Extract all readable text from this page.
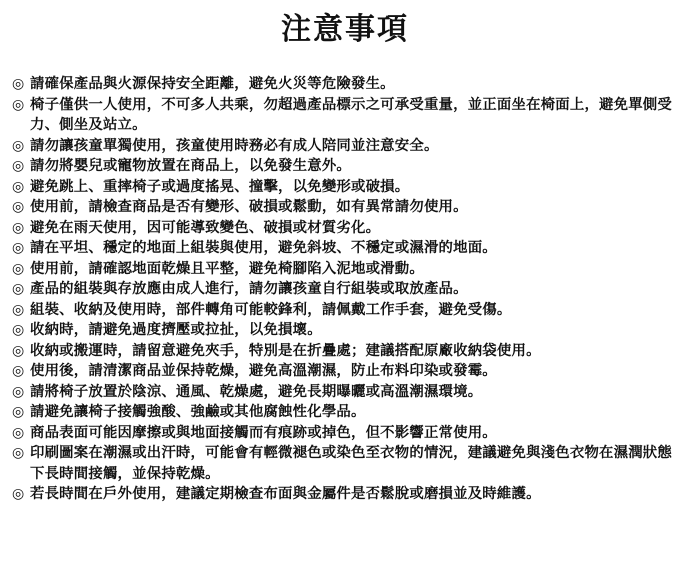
注意事項
◎ 請確保產品與火源保持安全距離，避免火災等危險發生。
◎ 椅子僅供一人使用，不可多人共乘，勿超過產品標示之可承受重量，並正面坐在椅面上，避免單側受力、側坐及站立。
◎ 請勿讓孩童單獨使用，孩童使用時務必有成人陪同並注意安全。
◎ 請勿將嬰兒或寵物放置在商品上，以免發生意外。
◎ 避免跳上、重摔椅子或過度搖晃、撞擊，以免變形或破損。
◎ 使用前，請檢查商品是否有變形、破損或鬆動，如有異常請勿使用。
◎ 避免在雨天使用，因可能導致變色、破損或材質劣化。
◎ 請在平坦、穩定的地面上組裝與使用，避免斜坡、不穩定或濕滑的地面。
◎ 使用前，請確認地面乾燥且平整，避免椅腳陷入泥地或滑動。
◎ 產品的組裝與存放應由成人進行，請勿讓孩童自行組裝或取放產品。
◎ 組裝、收納及使用時，部件轉角可能較鋒利，請佩戴工作手套，避免受傷。
◎ 收納時，請避免過度擠壓或拉扯，以免損壞。
◎ 收納或搬運時，請留意避免夾手，特別是在折疊處；建議搭配原廠收納袋使用。
◎ 使用後，請清潔商品並保持乾燥，避免高溫潮濕，防止布料印染或發霉。
◎ 請將椅子放置於陰涼、通風、乾燥處，避免長期曝曬或高溫潮濕環境。
◎ 請避免讓椅子接觸強酸、強鹼或其他腐蝕性化學品。
◎ 商品表面可能因摩擦或與地面接觸而有痕跡或掉色，但不影響正常使用。
◎ 印刷圖案在潮濕或出汗時，可能會有輕微褪色或染色至衣物的情況，建議避免與淺色衣物在濕潤狀態下長時間接觸，並保持乾燥。
◎ 若長時間在戶外使用，建議定期檢查布面與金屬件是否鬆脫或磨損並及時維護。
